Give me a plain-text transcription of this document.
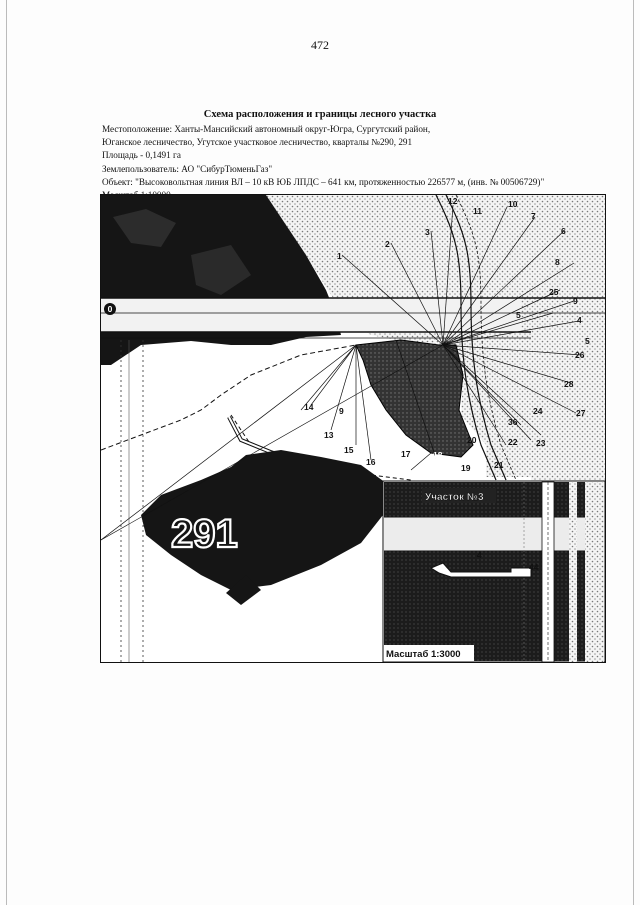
472
Схема расположения и границы лесного участка
Местоположение: Ханты-Мансийский автономный округ-Югра, Сургутский район,
Юганское лесничество, Угутское участковое лесничество, кварталы №290, 291
Площадь - 0,1491 га
Землепользователь: АО "СибурТюменьГаз"
Объект: "Высоковольтная линия ВЛ – 10 кВ ЮБ ЛПДС – 641 км, протяженностью 226577 м, (инв. № 00506729)"
0
291
1
2
3
12
11
10
7
6
8
25
9
5	4
5
26
28
27
24
36
22 23
20
21
19
18
17
16
15
13
14	9
Участок №3
4
44
Масштаб 1:3000
